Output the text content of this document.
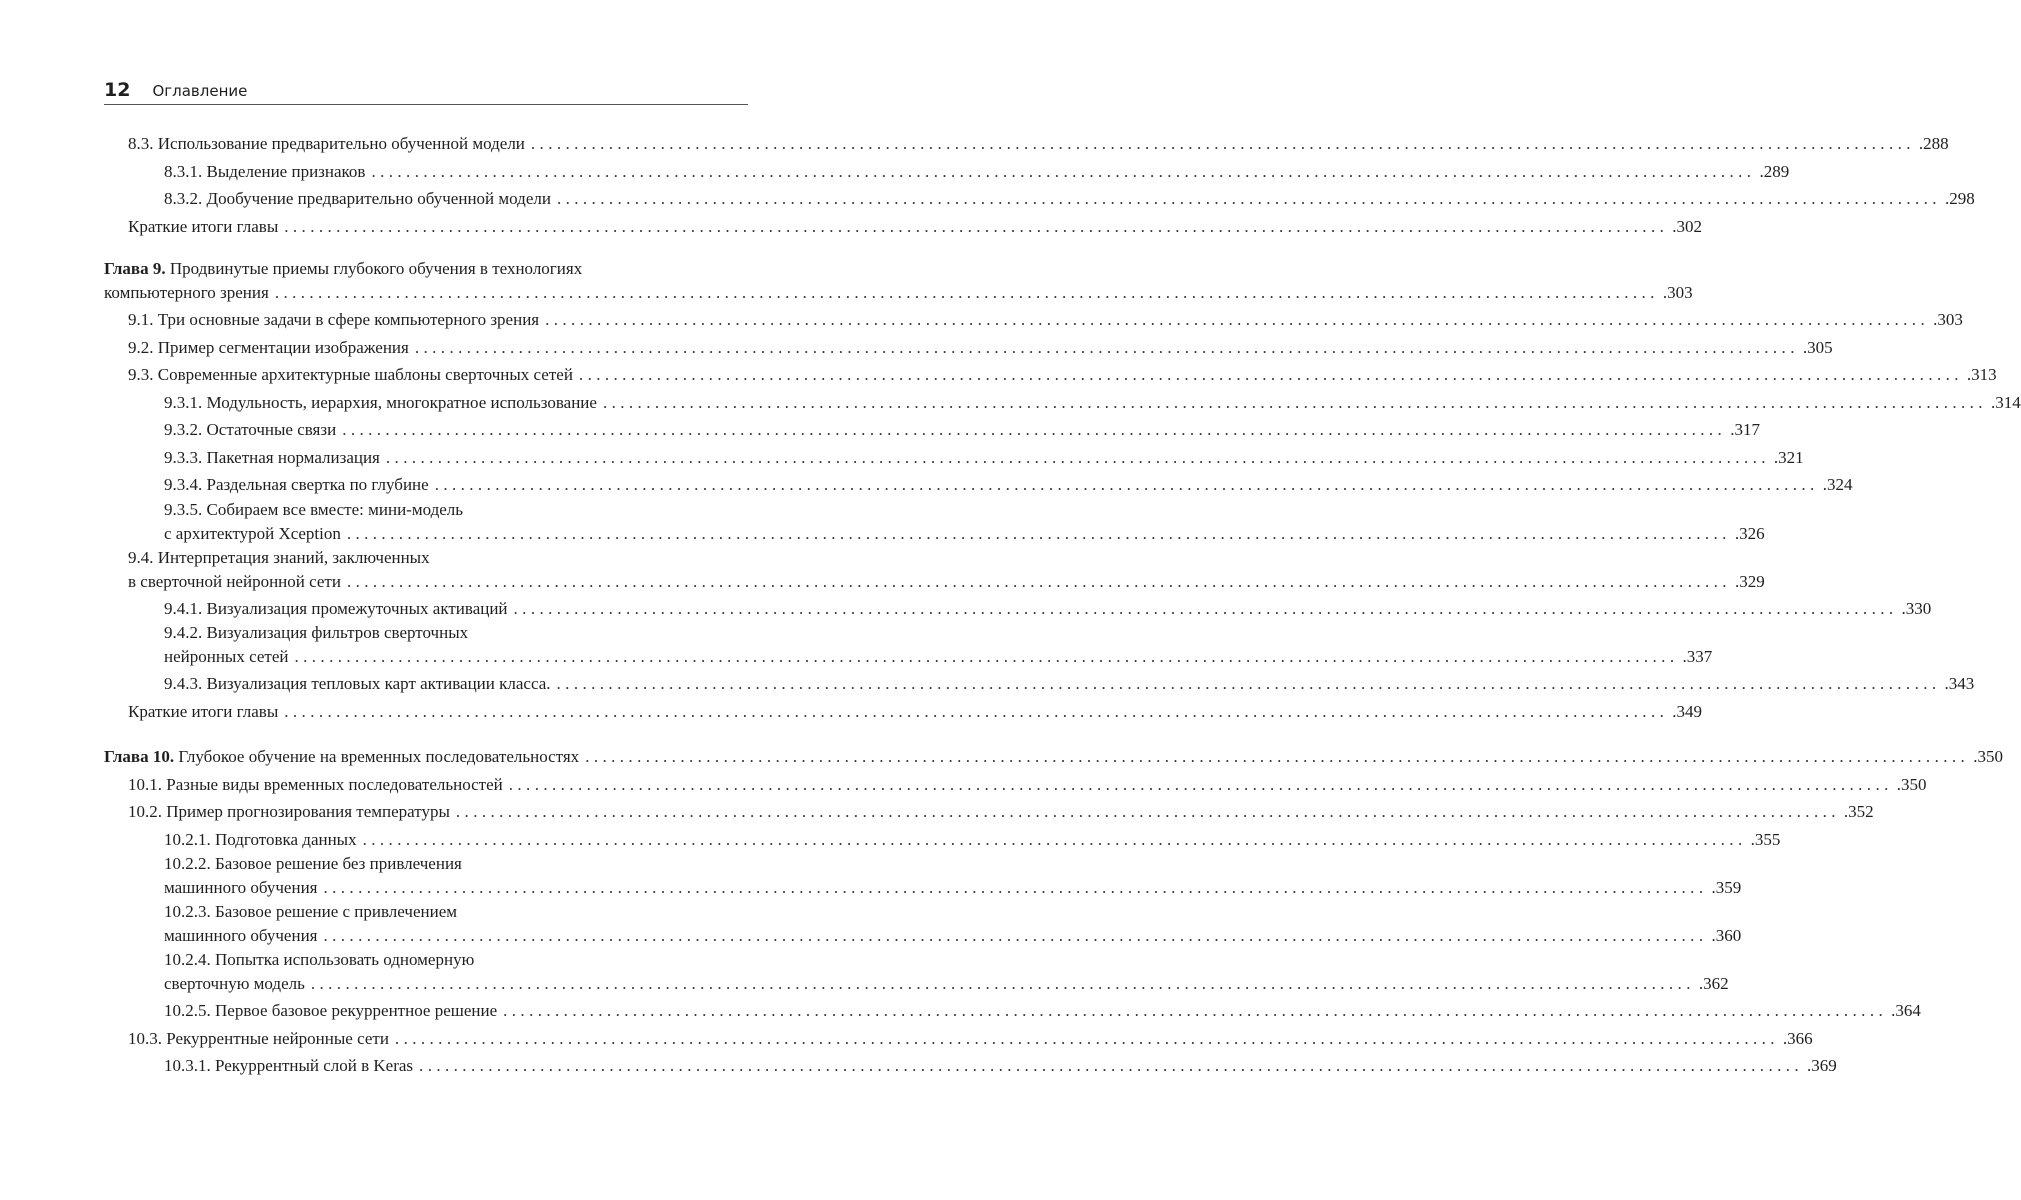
12 Оглавление
8.3. Использование предварительно обученной модели ................................................................................................................................................................ .288
8.3.1. Выделение признаков ................................................................................................................................................................ .289
8.3.2. Дообучение предварительно обученной модели ................................................................................................................................................................ .298
Краткие итоги главы ................................................................................................................................................................ .302
Глава 9. Продвинутые приемы глубокого обучения в технологиях
компьютерного зрения ................................................................................................................................................................ .303
9.1. Три основные задачи в сфере компьютерного зрения ................................................................................................................................................................ .303
9.2. Пример сегментации изображения ................................................................................................................................................................ .305
9.3. Современные архитектурные шаблоны сверточных сетей ................................................................................................................................................................ .313
9.3.1. Модульность, иерархия, многократное использование ................................................................................................................................................................ .314
9.3.2. Остаточные связи ................................................................................................................................................................ .317
9.3.3. Пакетная нормализация ................................................................................................................................................................ .321
9.3.4. Раздельная свертка по глубине ................................................................................................................................................................ .324
9.3.5. Собираем все вместе: мини-модель
с архитектурой Xception ................................................................................................................................................................ .326
9.4. Интерпретация знаний, заключенных
в сверточной нейронной сети ................................................................................................................................................................ .329
9.4.1. Визуализация промежуточных активаций ................................................................................................................................................................ .330
9.4.2. Визуализация фильтров сверточных
нейронных сетей ................................................................................................................................................................ .337
9.4.3. Визуализация тепловых карт активации класса. ................................................................................................................................................................ .343
Краткие итоги главы ................................................................................................................................................................ .349
Глава 10. Глубокое обучение на временных последовательностях ................................................................................................................................................................ .350
10.1. Разные виды временных последовательностей ................................................................................................................................................................ .350
10.2. Пример прогнозирования температуры ................................................................................................................................................................ .352
10.2.1. Подготовка данных ................................................................................................................................................................ .355
10.2.2. Базовое решение без привлечения
машинного обучения ................................................................................................................................................................ .359
10.2.3. Базовое решение с привлечением
машинного обучения ................................................................................................................................................................ .360
10.2.4. Попытка использовать одномерную
сверточную модель ................................................................................................................................................................ .362
10.2.5. Первое базовое рекуррентное решение ................................................................................................................................................................ .364
10.3. Рекуррентные нейронные сети ................................................................................................................................................................ .366
10.3.1. Рекуррентный слой в Keras ................................................................................................................................................................ .369
